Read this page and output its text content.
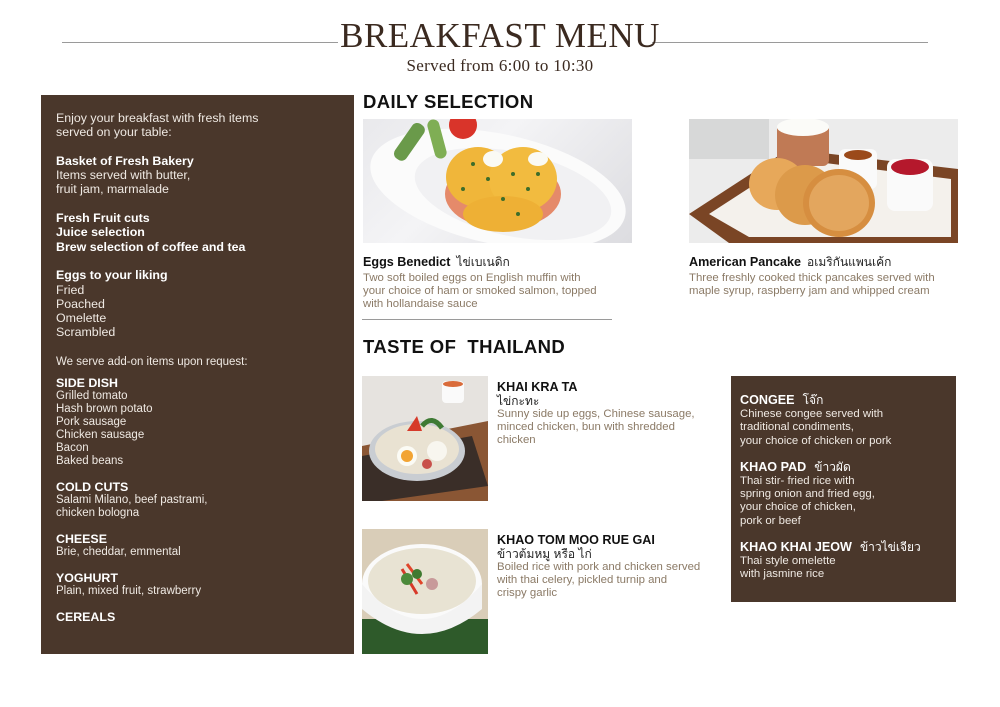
BREAKFAST MENU
Served from 6:00 to 10:30
Enjoy your breakfast with fresh items
served on your table:
Basket of Fresh Bakery
Items served with butter,
fruit jam, marmalade
Fresh Fruit cuts
Juice selection
Brew selection of coffee and tea
Eggs to your liking
Fried
Poached
Omelette
Scrambled
We serve add-on items upon request:
SIDE DISH
Grilled tomato
Hash brown potato
Pork sausage
Chicken sausage
Bacon
Baked beans
COLD CUTS
Salami Milano, beef pastrami,
chicken bologna
CHEESE
Brie, cheddar, emmental
YOGHURT
Plain, mixed fruit, strawberry
CEREALS
DAILY SELECTION
Eggs Benedict ไข่เบเนดิก
Two soft boiled eggs on English muffin with
your choice of ham or smoked salmon, topped
with hollandaise sauce
American Pancake อเมริกันแพนเค้ก
Three freshly cooked thick pancakes served with
maple syrup, raspberry jam and whipped cream
TASTE OF  THAILAND
KHAI KRA TA
ไข่กะทะ
Sunny side up eggs, Chinese sausage,
minced chicken, bun with shredded
chicken
KHAO TOM MOO RUE GAI
ข้าวต้มหมู หรือ ไก่
Boiled rice with pork and chicken served
with thai celery, pickled turnip and
crispy garlic
CONGEE โจ๊ก
Chinese congee served with
traditional condiments,
your choice of chicken or pork
KHAO PAD ข้าวผัด
Thai stir- fried rice with
spring onion and fried egg,
your choice of chicken,
pork or beef
KHAO KHAI JEOW ข้าวไข่เจียว
Thai style omelette
with jasmine rice
